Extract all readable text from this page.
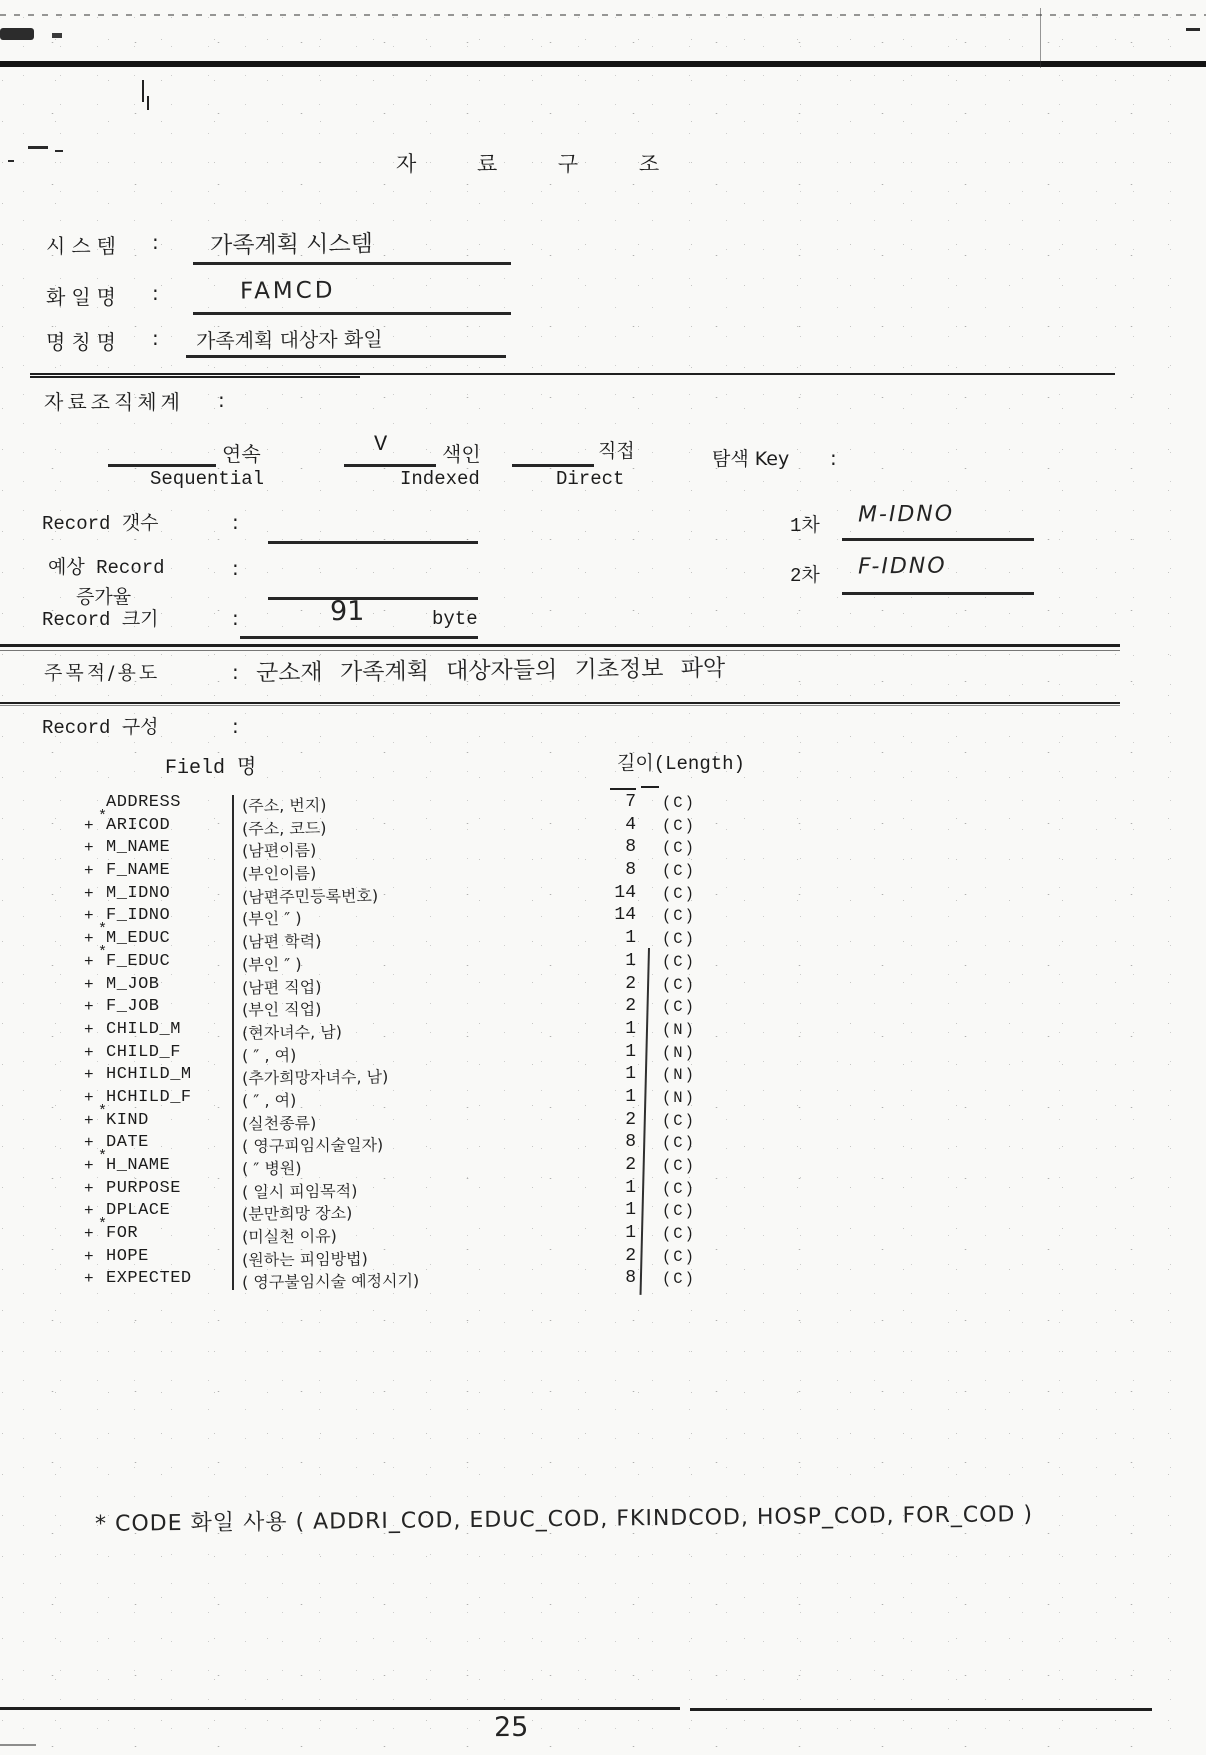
자 료 구 조
시스템 : 가족계획 시스템
화일명 :	FAMCD
명칭명 : 가족계획 대상자 화일
자료조직체계 :
연속
Sequential
V	색인
Indexed
직접
Direct
탐색 Key :
Record 갯수	:	1차 M-IDNO
예상 Record
증가율
:	2차 F-IDNO
Record 크기	:	91	byte
주목적/용도	: 군소재 가족계획 대상자들의 기초정보 파악
Record 구성	:
Field 명	길이(Length)
ADDRESS	(주소, 번지)	7 (C)
+
*
ARICOD	(주소, 코드)	4 (C)
+ M_NAME	(남편이름)	8 (C)
+ F_NAME	(부인이름)	8 (C)
+ M_IDNO	(남편주민등록번호)	14 (C)
+ F_IDNO	(부인 ″ )	14 (C)
+
*
M_EDUC	(남편 학력)	1 (C)
+
*
F_EDUC	(부인 ″ )	1 (C)
+ M_JOB	(남편 직업)	2 (C)
+ F_JOB	(부인 직업)	2 (C)
+ CHILD_M	(현자녀수, 남)	1 (N)
+ CHILD_F	( ″ , 여)	1 (N)
+ HCHILD_M	(추가희망자녀수, 남)	1 (N)
+ HCHILD_F	( ″ , 여)	1 (N)
+
*
KIND	(실천종류)	2 (C)
+ DATE	( 영구피임시술일자)	8 (C)
+
*
H_NAME	( ″ 병원)	2 (C)
+ PURPOSE	( 일시 피임목적)	1 (C)
+ DPLACE	(분만희망 장소)	1 (C)
+
*
FOR	(미실천 이유)	1 (C)
+ HOPE	(원하는 피임방법)	2 (C)
+ EXPECTED	( 영구불임시술 예정시기)	8 (C)
* CODE 화일 사용 ( ADDRI_COD, EDUC_COD, FKINDCOD, HOSP_COD, FOR_COD )
25
